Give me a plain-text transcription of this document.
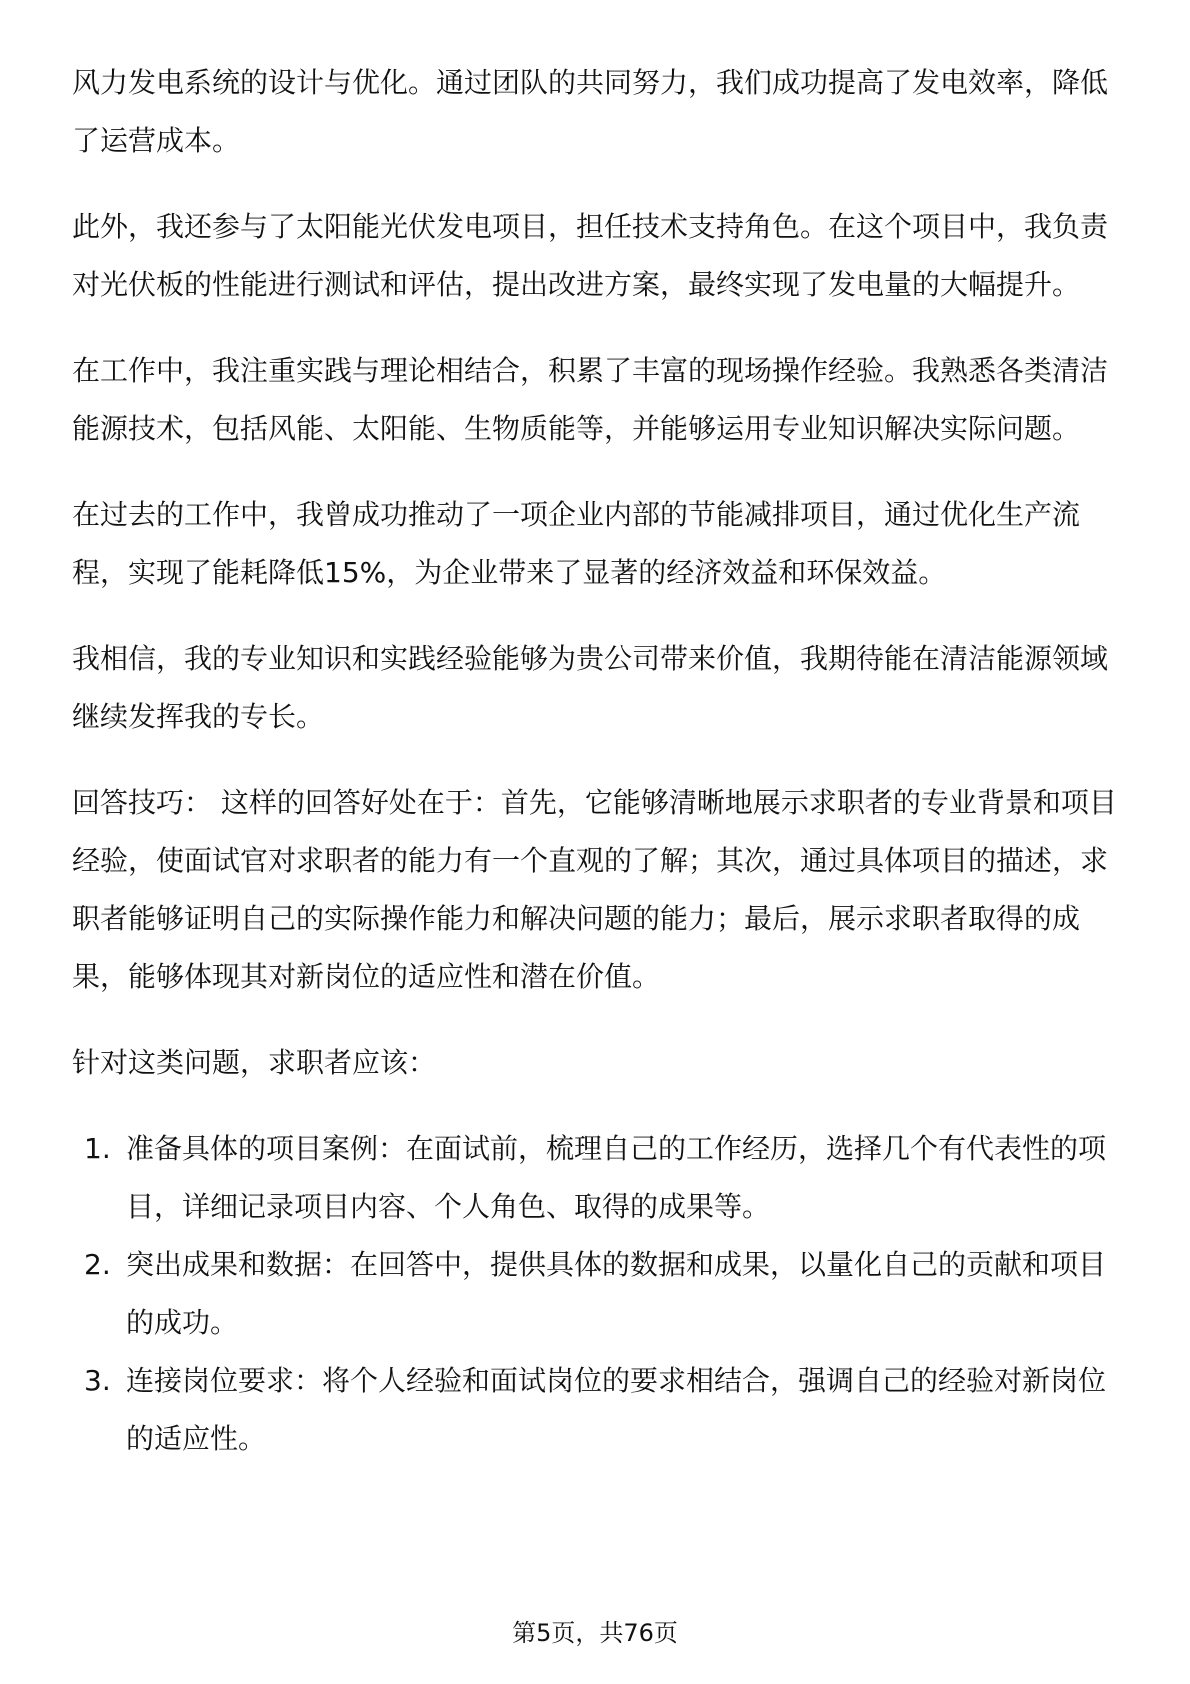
风力发电系统的设计与优化。通过团队的共同努力，我们成功提高了发电效率，降低了运营成本。

此外，我还参与了太阳能光伏发电项目，担任技术支持角色。在这个项目中，我负责对光伏板的性能进行测试和评估，提出改进方案，最终实现了发电量的大幅提升。

在工作中，我注重实践与理论相结合，积累了丰富的现场操作经验。我熟悉各类清洁能源技术，包括风能、太阳能、生物质能等，并能够运用专业知识解决实际问题。

在过去的工作中，我曾成功推动了一项企业内部的节能减排项目，通过优化生产流程，实现了能耗降低15%，为企业带来了显著的经济效益和环保效益。

我相信，我的专业知识和实践经验能够为贵公司带来价值，我期待能在清洁能源领域继续发挥我的专长。

回答技巧： 这样的回答好处在于：首先，它能够清晰地展示求职者的专业背景和项目经验，使面试官对求职者的能力有一个直观的了解；其次，通过具体项目的描述，求职者能够证明自己的实际操作能力和解决问题的能力；最后，展示求职者取得的成果，能够体现其对新岗位的适应性和潜在价值。

针对这类问题，求职者应该：

1. 准备具体的项目案例：在面试前，梳理自己的工作经历，选择几个有代表性的项目，详细记录项目内容、个人角色、取得的成果等。
2. 突出成果和数据：在回答中，提供具体的数据和成果，以量化自己的贡献和项目的成功。
3. 连接岗位要求：将个人经验和面试岗位的要求相结合，强调自己的经验对新岗位的适应性。
第5页，共76页
